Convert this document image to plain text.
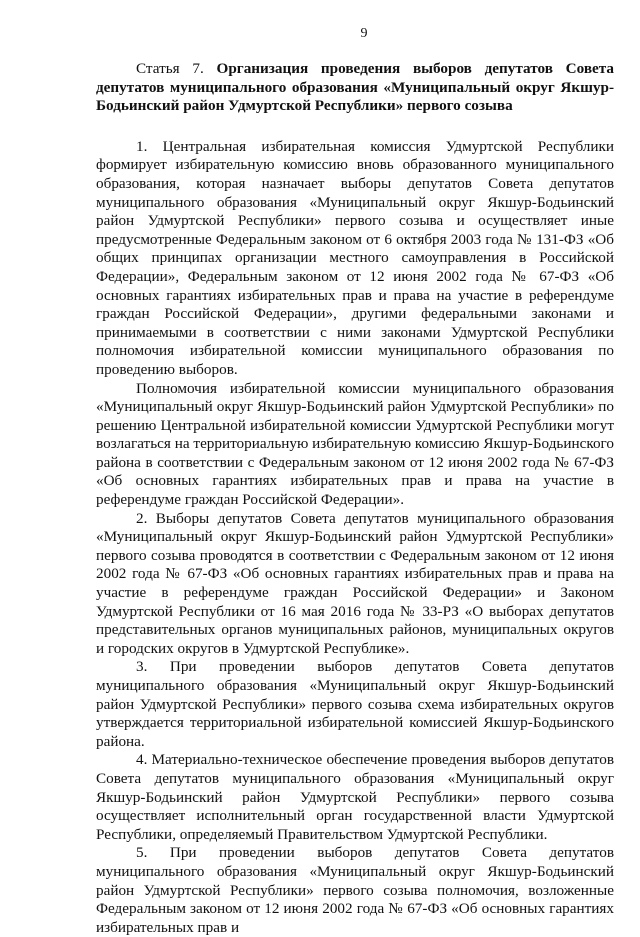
9

Статья 7. Организация проведения выборов депутатов Совета депутатов муниципального образования «Муниципальный округ Якшур-Бодьинский район Удмуртской Республики» первого созыва

1. Центральная избирательная комиссия Удмуртской Республики формирует избирательную комиссию вновь образованного муниципального образования, которая назначает выборы депутатов Совета депутатов муниципального образования «Муниципальный округ Якшур-Бодьинский район Удмуртской Республики» первого созыва и осуществляет иные предусмотренные Федеральным законом от 6 октября 2003 года № 131-ФЗ «Об общих принципах организации местного самоуправления в Российской Федерации», Федеральным законом от 12 июня 2002 года № 67-ФЗ «Об основных гарантиях избирательных прав и права на участие в референдуме граждан Российской Федерации», другими федеральными законами и принимаемыми в соответствии с ними законами Удмуртской Республики полномочия избирательной комиссии муниципального образования по проведению выборов.

Полномочия избирательной комиссии муниципального образования «Муниципальный округ Якшур-Бодьинский район Удмуртской Республики» по решению Центральной избирательной комиссии Удмуртской Республики могут возлагаться на территориальную избирательную комиссию Якшур-Бодьинского района в соответствии с Федеральным законом от 12 июня 2002 года № 67-ФЗ «Об основных гарантиях избирательных прав и права на участие в референдуме граждан Российской Федерации».

2. Выборы депутатов Совета депутатов муниципального образования «Муниципальный округ Якшур-Бодьинский район Удмуртской Республики» первого созыва проводятся в соответствии с Федеральным законом от 12 июня 2002 года № 67-ФЗ «Об основных гарантиях избирательных прав и права на участие в референдуме граждан Российской Федерации» и Законом Удмуртской Республики от 16 мая 2016 года № 33-РЗ «О выборах депутатов представительных органов муниципальных районов, муниципальных округов и городских округов в Удмуртской Республике».

3. При проведении выборов депутатов Совета депутатов муниципального образования «Муниципальный округ Якшур-Бодьинский район Удмуртской Республики» первого созыва схема избирательных округов утверждается территориальной избирательной комиссией Якшур-Бодьинского района.

4. Материально-техническое обеспечение проведения выборов депутатов Совета депутатов муниципального образования «Муниципальный округ Якшур-Бодьинский район Удмуртской Республики» первого созыва осуществляет исполнительный орган государственной власти Удмуртской Республики, определяемый Правительством Удмуртской Республики.

5. При проведении выборов депутатов Совета депутатов муниципального образования «Муниципальный округ Якшур-Бодьинский район Удмуртской Республики» первого созыва полномочия, возложенные Федеральным законом от 12 июня 2002 года № 67-ФЗ «Об основных гарантиях избирательных прав и
